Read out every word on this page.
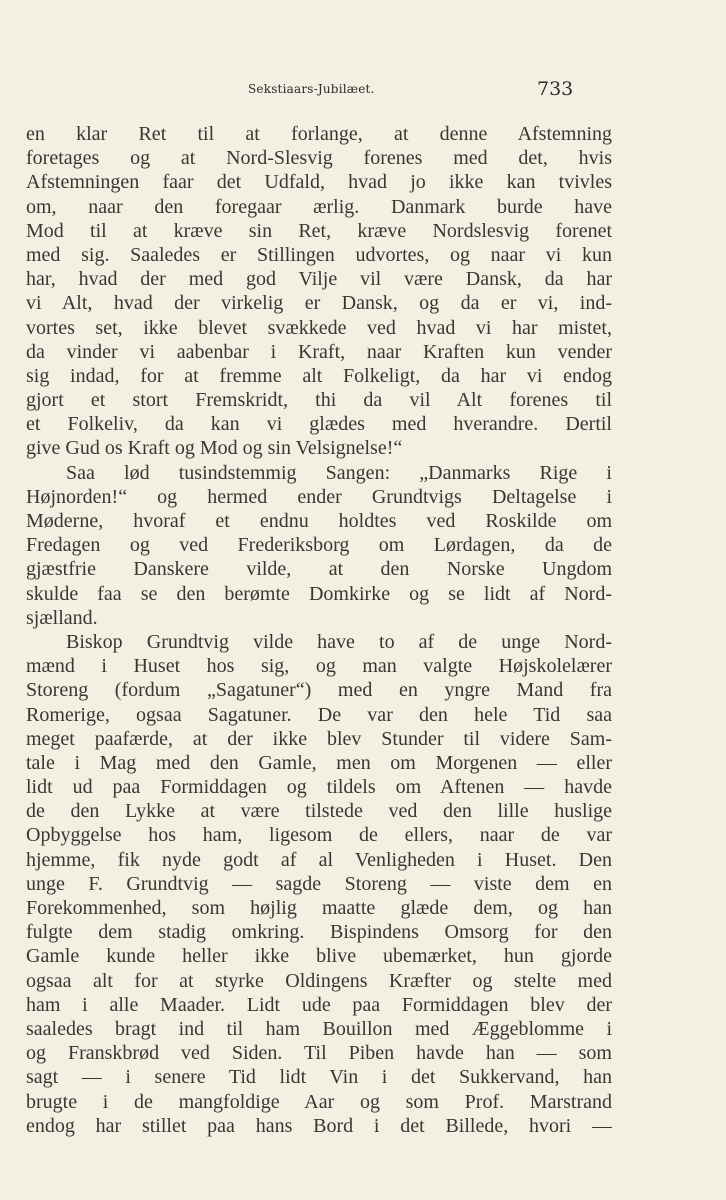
Sekstiaars-Jubilæet.	733
en klar Ret til at forlange, at denne Afstemning
foretages og at Nord-Slesvig forenes med det, hvis
Afstemningen faar det Udfald, hvad jo ikke kan tvivles
om, naar den foregaar ærlig. Danmark burde have
Mod til at kræve sin Ret, kræve Nordslesvig forenet
med sig. Saaledes er Stillingen udvortes, og naar vi kun
har, hvad der med god Vilje vil være Dansk, da har
vi Alt, hvad der virkelig er Dansk, og da er vi, ind-
vortes set, ikke blevet svækkede ved hvad vi har mistet,
da vinder vi aabenbar i Kraft, naar Kraften kun vender
sig indad, for at fremme alt Folkeligt, da har vi endog
gjort et stort Fremskridt, thi da vil Alt forenes til
et Folkeliv, da kan vi glædes med hverandre. Dertil
give Gud os Kraft og Mod og sin Velsignelse!“
Saa lød tusindstemmig Sangen: „Danmarks Rige i
Højnorden!“ og hermed ender Grundtvigs Deltagelse i
Møderne, hvoraf et endnu holdtes ved Roskilde om
Fredagen og ved Frederiksborg om Lørdagen, da de
gjæstfrie Danskere vilde, at den Norske Ungdom
skulde faa se den berømte Domkirke og se lidt af Nord-
sjælland.
Biskop Grundtvig vilde have to af de unge Nord-
mænd i Huset hos sig, og man valgte Højskolelærer
Storeng (fordum „Sagatuner“) med en yngre Mand fra
Romerige, ogsaa Sagatuner. De var den hele Tid saa
meget paafærde, at der ikke blev Stunder til videre Sam-
tale i Mag med den Gamle, men om Morgenen — eller
lidt ud paa Formiddagen og tildels om Aftenen — havde
de den Lykke at være tilstede ved den lille huslige
Opbyggelse hos ham, ligesom de ellers, naar de var
hjemme, fik nyde godt af al Venligheden i Huset. Den
unge F. Grundtvig — sagde Storeng — viste dem en
Forekommenhed, som højlig maatte glæde dem, og han
fulgte dem stadig omkring. Bispindens Omsorg for den
Gamle kunde heller ikke blive ubemærket, hun gjorde
ogsaa alt for at styrke Oldingens Kræfter og stelte med
ham i alle Maader. Lidt ude paa Formiddagen blev der
saaledes bragt ind til ham Bouillon med Æggeblomme i
og Franskbrød ved Siden. Til Piben havde han — som
sagt — i senere Tid lidt Vin i det Sukkervand, han
brugte i de mangfoldige Aar og som Prof. Marstrand
endog har stillet paa hans Bord i det Billede, hvori —
